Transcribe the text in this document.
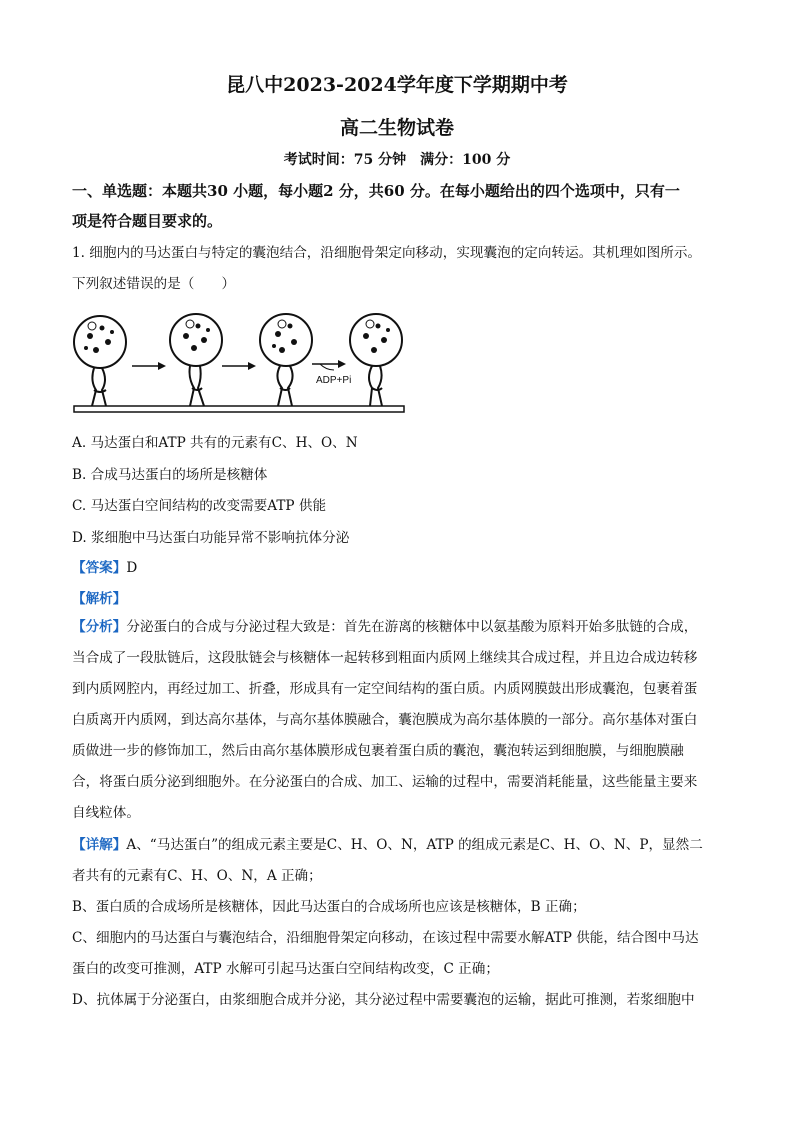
昆八中2023-2024学年度下学期期中考
高二生物试卷
考试时间：75 分钟　满分：100 分
一、单选题：本题共30 小题，每小题2 分，共60 分。在每小题给出的四个选项中，只有一
项是符合题目要求的。
1. 细胞内的马达蛋白与特定的囊泡结合，沿细胞骨架定向移动，实现囊泡的定向转运。其机理如图所示。
下列叙述错误的是（　　）
ADP+Pi
A. 马达蛋白和ATP 共有的元素有C、H、O、N
B. 合成马达蛋白的场所是核糖体
C. 马达蛋白空间结构的改变需要ATP 供能
D. 浆细胞中马达蛋白功能异常不影响抗体分泌
【答案】D
【解析】
【分析】分泌蛋白的合成与分泌过程大致是：首先在游离的核糖体中以氨基酸为原料开始多肽链的合成，
当合成了一段肽链后，这段肽链会与核糖体一起转移到粗面内质网上继续其合成过程，并且边合成边转移
到内质网腔内，再经过加工、折叠，形成具有一定空间结构的蛋白质。内质网膜鼓出形成囊泡，包裹着蛋
白质离开内质网，到达高尔基体，与高尔基体膜融合，囊泡膜成为高尔基体膜的一部分。高尔基体对蛋白
质做进一步的修饰加工，然后由高尔基体膜形成包裹着蛋白质的囊泡，囊泡转运到细胞膜，与细胞膜融
合，将蛋白质分泌到细胞外。在分泌蛋白的合成、加工、运输的过程中，需要消耗能量，这些能量主要来
自线粒体。
【详解】A、“马达蛋白”的组成元素主要是C、H、O、N，ATP 的组成元素是C、H、O、N、P，显然二
者共有的元素有C、H、O、N，A 正确；
B、蛋白质的合成场所是核糖体，因此马达蛋白的合成场所也应该是核糖体，B 正确；
C、细胞内的马达蛋白与囊泡结合，沿细胞骨架定向移动，在该过程中需要水解ATP 供能，结合图中马达
蛋白的改变可推测，ATP 水解可引起马达蛋白空间结构改变，C 正确；
D、抗体属于分泌蛋白，由浆细胞合成并分泌，其分泌过程中需要囊泡的运输，据此可推测，若浆细胞中
